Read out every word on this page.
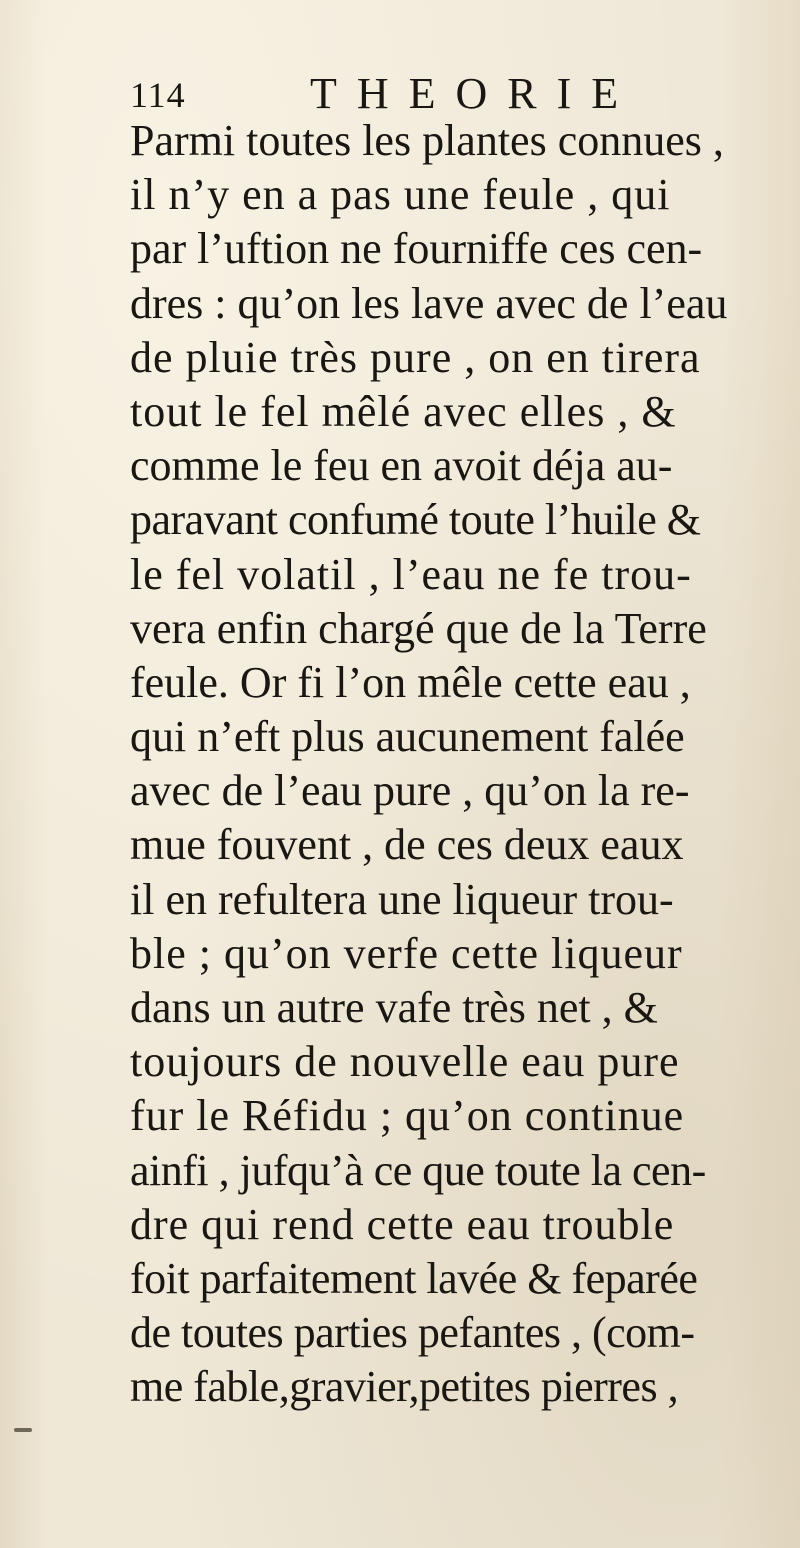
114	THEORIE
Parmi toutes les plantes connues ,
il n’y en a pas une feule , qui
par l’uftion ne fourniffe ces cen-
dres : qu’on les lave avec de l’eau
de pluie très pure , on en tirera
tout le fel mêlé avec elles , &
comme le feu en avoit déja au-
paravant confumé toute l’huile &
le fel volatil , l’eau ne fe trou-
vera enfin chargé que de la Terre
feule. Or fi l’on mêle cette eau ,
qui n’eft plus aucunement falée
avec de l’eau pure , qu’on la re-
mue fouvent , de ces deux eaux
il en refultera une liqueur trou-
ble ; qu’on verfe cette liqueur
dans un autre vafe très net , &
toujours de nouvelle eau pure
fur le Réfidu ; qu’on continue
ainfi , jufqu’à ce que toute la cen-
dre qui rend cette eau trouble
foit parfaitement lavée & feparée
de toutes parties pefantes , (com-
me fable,gravier,petites pierres ,
